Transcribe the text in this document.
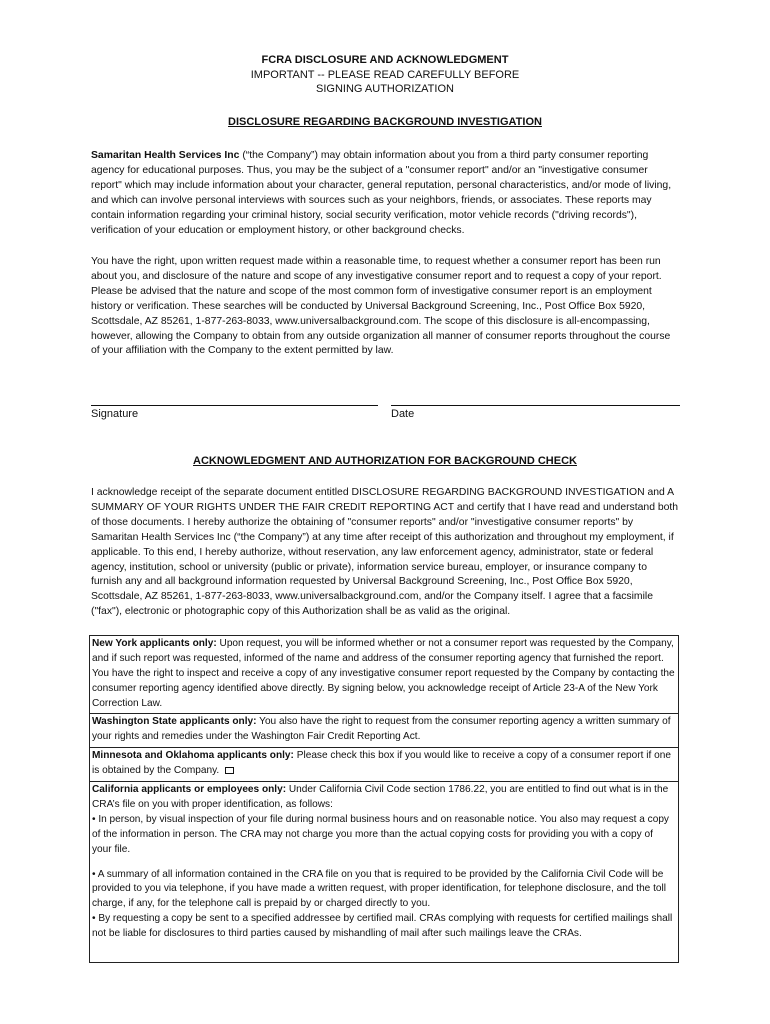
FCRA DISCLOSURE AND ACKNOWLEDGMENT
IMPORTANT -- PLEASE READ CAREFULLY BEFORE
SIGNING AUTHORIZATION
DISCLOSURE REGARDING BACKGROUND INVESTIGATION
Samaritan Health Services Inc (“the Company”) may obtain information about you from a third party consumer reporting agency for educational purposes. Thus, you may be the subject of a "consumer report" and/or an "investigative consumer report" which may include information about your character, general reputation, personal characteristics, and/or mode of living, and which can involve personal interviews with sources such as your neighbors, friends, or associates. These reports may contain information regarding your criminal history, social security verification, motor vehicle records ("driving records"), verification of your education or employment history, or other background checks.
You have the right, upon written request made within a reasonable time, to request whether a consumer report has been run about you, and disclosure of the nature and scope of any investigative consumer report and to request a copy of your report. Please be advised that the nature and scope of the most common form of investigative consumer report is an employment history or verification. These searches will be conducted by Universal Background Screening, Inc., Post Office Box 5920, Scottsdale, AZ 85261, 1-877-263-8033, www.universalbackground.com. The scope of this disclosure is all-encompassing, however, allowing the Company to obtain from any outside organization all manner of consumer reports throughout the course of your affiliation with the Company to the extent permitted by law.
Signature	Date
ACKNOWLEDGMENT AND AUTHORIZATION FOR BACKGROUND CHECK
I acknowledge receipt of the separate document entitled DISCLOSURE REGARDING BACKGROUND INVESTIGATION and A SUMMARY OF YOUR RIGHTS UNDER THE FAIR CREDIT REPORTING ACT and certify that I have read and understand both of those documents. I hereby authorize the obtaining of "consumer reports" and/or "investigative consumer reports" by Samaritan Health Services Inc (“the Company”) at any time after receipt of this authorization and throughout my employment, if applicable. To this end, I hereby authorize, without reservation, any law enforcement agency, administrator, state or federal agency, institution, school or university (public or private), information service bureau, employer, or insurance company to furnish any and all background information requested by Universal Background Screening, Inc., Post Office Box 5920, Scottsdale, AZ 85261, 1-877-263-8033, www.universalbackground.com, and/or the Company itself. I agree that a facsimile ("fax"), electronic or photographic copy of this Authorization shall be as valid as the original.
New York applicants only: Upon request, you will be informed whether or not a consumer report was requested by the Company, and if such report was requested, informed of the name and address of the consumer reporting agency that furnished the report. You have the right to inspect and receive a copy of any investigative consumer report requested by the Company by contacting the consumer reporting agency identified above directly. By signing below, you acknowledge receipt of Article 23-A of the New York Correction Law.
Washington State applicants only: You also have the right to request from the consumer reporting agency a written summary of your rights and remedies under the Washington Fair Credit Reporting Act.
Minnesota and Oklahoma applicants only: Please check this box if you would like to receive a copy of a consumer report if one is obtained by the Company.
California applicants or employees only: Under California Civil Code section 1786.22, you are entitled to find out what is in the CRA’s file on you with proper identification, as follows:
• In person, by visual inspection of your file during normal business hours and on reasonable notice. You also may request a copy of the information in person. The CRA may not charge you more than the actual copying costs for providing you with a copy of your file.
• A summary of all information contained in the CRA file on you that is required to be provided by the California Civil Code will be provided to you via telephone, if you have made a written request, with proper identification, for telephone disclosure, and the toll charge, if any, for the telephone call is prepaid by or charged directly to you.
• By requesting a copy be sent to a specified addressee by certified mail. CRAs complying with requests for certified mailings shall not be liable for disclosures to third parties caused by mishandling of mail after such mailings leave the CRAs.
